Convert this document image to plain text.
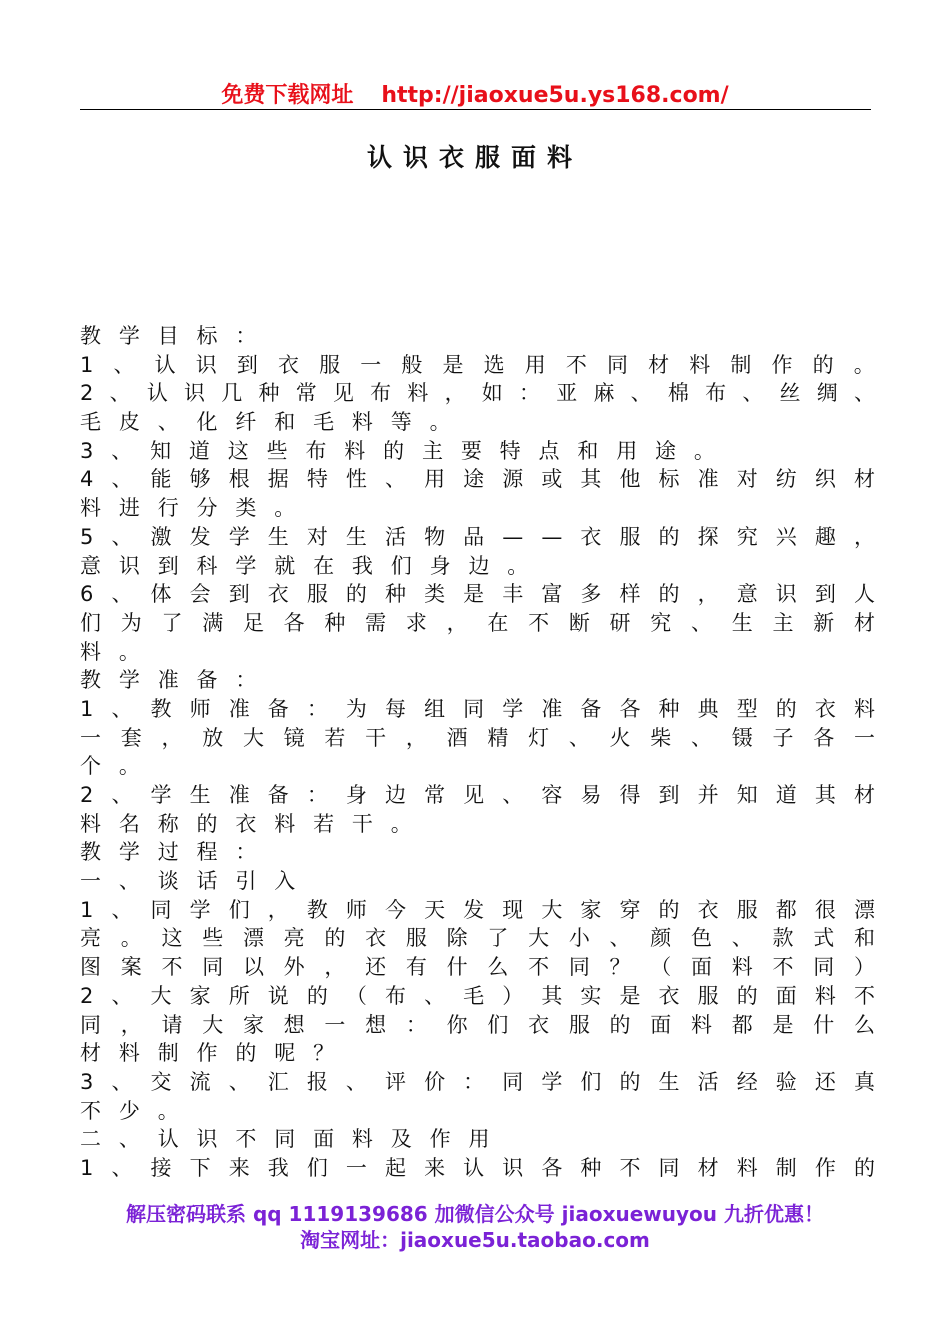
免费下载网址 http://jiaoxue5u.ys168.com/
认识衣服面料
教 学 目 标 ：
1 、 认 识 到 衣 服 一 般 是 选 用 不 同 材 料 制 作 的 。
2 、 认 识 几 种 常 见 布 料 ， 如 ： 亚 麻 、 棉 布 、 丝 绸 、
毛 皮 、 化 纤 和 毛 料 等 。
3 、 知 道 这 些 布 料 的 主 要 特 点 和 用 途 。
4 、 能 够 根 据 特 性 、 用 途 源 或 其 他 标 准 对 纺 织 材
料 进 行 分 类 。
5 、 激 发 学 生 对 生 活 物 品 — — 衣 服 的 探 究 兴 趣 ，
意 识 到 科 学 就 在 我 们 身 边 。
6 、 体 会 到 衣 服 的 种 类 是 丰 富 多 样 的 ， 意 识 到 人
们 为 了 满 足 各 种 需 求 ， 在 不 断 研 究 、 生 主 新 材
料 。
教 学 准 备 ：
1 、 教 师 准 备 ： 为 每 组 同 学 准 备 各 种 典 型 的 衣 料
一 套 ， 放 大 镜 若 干 ， 酒 精 灯 、 火 柴 、 镊 子 各 一
个 。
2 、 学 生 准 备 ： 身 边 常 见 、 容 易 得 到 并 知 道 其 材
料 名 称 的 衣 料 若 干 。
教 学 过 程 ：
一 、 谈 话 引 入
1 、 同 学 们 ， 教 师 今 天 发 现 大 家 穿 的 衣 服 都 很 漂
亮 。 这 些 漂 亮 的 衣 服 除 了 大 小 、 颜 色 、 款 式 和
图 案 不 同 以 外 ， 还 有 什 么 不 同 ？ （ 面 料 不 同 ）
2 、 大 家 所 说 的 （ 布 、 毛 ） 其 实 是 衣 服 的 面 料 不
同 ， 请 大 家 想 一 想 ： 你 们 衣 服 的 面 料 都 是 什 么
材 料 制 作 的 呢 ？
3 、 交 流 、 汇 报 、 评 价 ： 同 学 们 的 生 活 经 验 还 真
不 少 。
二 、 认 识 不 同 面 料 及 作 用
1 、 接 下 来 我 们 一 起 来 认 识 各 种 不 同 材 料 制 作 的
解压密码联系 qq 1119139686 加微信公众号 jiaoxuewuyou 九折优惠！
淘宝网址：jiaoxue5u.taobao.com
